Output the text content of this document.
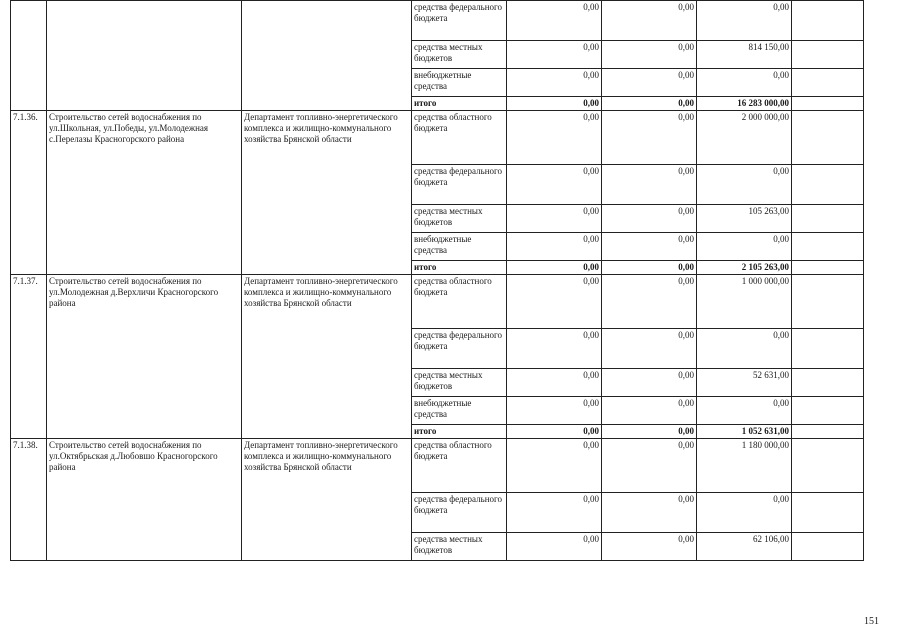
			средства федерального бюджета	0,00	0,00	0,00	
			средства местных бюджетов	0,00	0,00	814 150,00	
			внебюджетные средства	0,00	0,00	0,00	
			итого	0,00	0,00	16 283 000,00	
7.1.36.	Строительство сетей водоснабжения по ул.Школьная, ул.Победы, ул.Молодежная с.Перелазы Красногорского района	Департамент топливно-энергетического комплекса и жилищно-коммунального хозяйства Брянской области	средства областного бюджета	0,00	0,00	2 000 000,00	
			средства федерального бюджета	0,00	0,00	0,00	
			средства местных бюджетов	0,00	0,00	105 263,00	
			внебюджетные средства	0,00	0,00	0,00	
			итого	0,00	0,00	2 105 263,00	
7.1.37.	Строительство сетей водоснабжения по ул.Молодежная д.Верхличи Красногорского района	Департамент топливно-энергетического комплекса и жилищно-коммунального хозяйства Брянской области	средства областного бюджета	0,00	0,00	1 000 000,00	
			средства федерального бюджета	0,00	0,00	0,00	
			средства местных бюджетов	0,00	0,00	52 631,00	
			внебюджетные средства	0,00	0,00	0,00	
			итого	0,00	0,00	1 052 631,00	
7.1.38.	Строительство сетей водоснабжения по ул.Октябрьская д.Любовшо Красногорского района	Департамент топливно-энергетического комплекса и жилищно-коммунального хозяйства Брянской области	средства областного бюджета	0,00	0,00	1 180 000,00	
			средства федерального бюджета	0,00	0,00	0,00	
			средства местных бюджетов	0,00	0,00	62 106,00	
151
